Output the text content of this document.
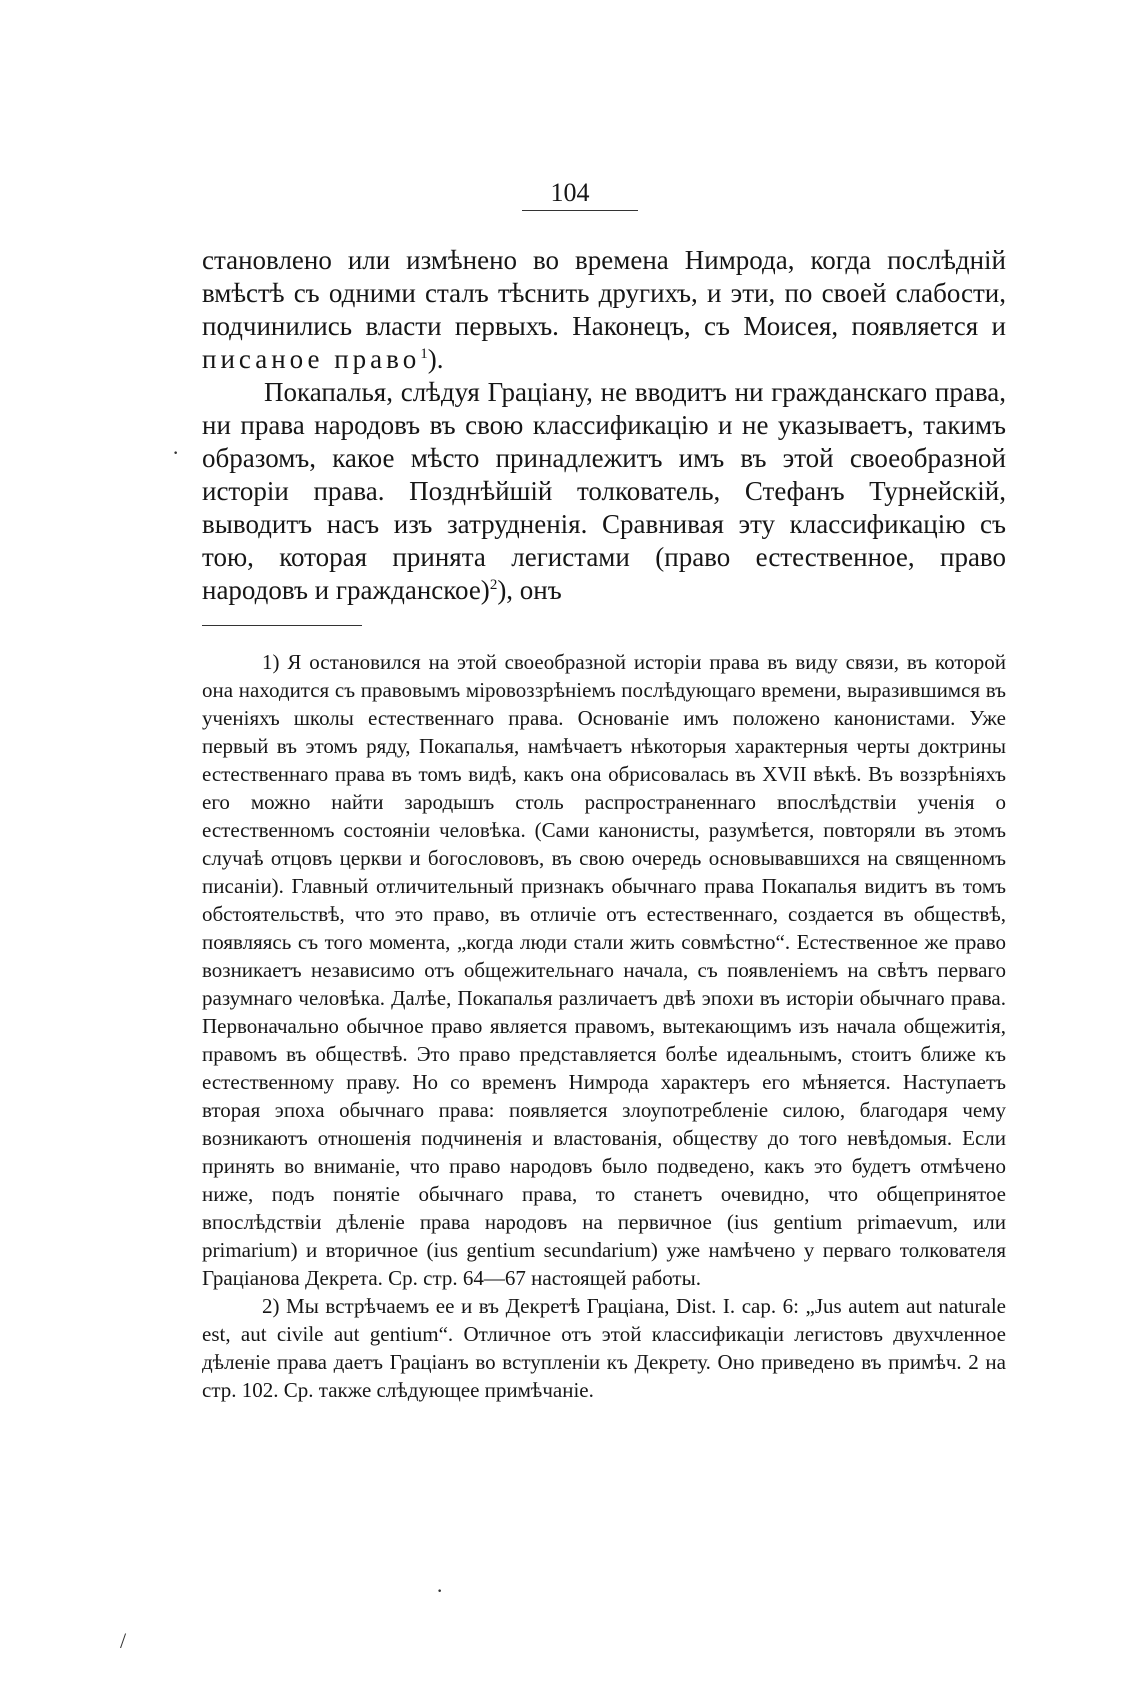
104

становлено или измѣнено во времена Нимрода, когда послѣдній вмѣстѣ съ одними сталъ тѣснить другихъ, и эти, по своей слабости, подчинились власти первыхъ. Наконецъ, съ Моисея, появляется и писаное право$^1$).

Покапалья, слѣдуя Граціану, не вводитъ ни гражданскаго права, ни права народовъ въ свою классификацію и не указываетъ, такимъ образомъ, какое мѣсто принадлежитъ имъ въ этой своеобразной исторіи права. Позднѣйшій толкователь, Стефанъ Турнейскій, выводитъ насъ изъ затрудненія. Сравнивая эту классификацію съ тою, которая принята легистами (право естественное, право народовъ и гражданское)$^2$), онъ

1) Я остановился на этой своеобразной исторіи права въ виду связи, въ которой она находится съ правовымъ міровоззрѣніемъ послѣдующаго времени, выразившимся въ ученіяхъ школы естественнаго права. Основаніе имъ положено канонистами. Уже первый въ этомъ ряду, Покапалья, намѣчаетъ нѣкоторыя характерныя черты доктрины естественнаго права въ томъ видѣ, какъ она обрисовалась въ XVII вѣкѣ. Въ воззрѣніяхъ его можно найти зародышъ столь распространеннаго впослѣдствіи ученія о естественномъ состояніи человѣка. (Сами канонисты, разумѣется, повторяли въ этомъ случаѣ отцовъ церкви и богослововъ, въ свою очередь основывавшихся на священномъ писаніи). Главный отличительный признакъ обычнаго права Покапалья видитъ въ томъ обстоятельствѣ, что это право, въ отличіе отъ естественнаго, создается въ обществѣ, появляясь съ того момента, „когда люди стали жить совмѣстно“. Естественное же право возникаетъ независимо отъ общежительнаго начала, съ появленіемъ на свѣтъ перваго разумнаго человѣка. Далѣе, Покапалья различаетъ двѣ эпохи въ исторіи обычнаго права. Первоначально обычное право является правомъ, вытекающимъ изъ начала общежитія, правомъ въ обществѣ. Это право представляется болѣе идеальнымъ, стоитъ ближе къ естественному праву. Но со временъ Нимрода характеръ его мѣняется. Наступаетъ вторая эпоха обычнаго права: появляется злоупотребленіе силою, благодаря чему возникаютъ отношенія подчиненія и властованія, обществу до того невѣдомыя. Если принять во вниманіе, что право народовъ было подведено, какъ это будетъ отмѣчено ниже, подъ понятіе обычнаго права, то станетъ очевидно, что общепринятое впослѣдствіи дѣленіе права народовъ на первичное (ius gentium primaevum, или primarium) и вторичное (ius gentium secundarium) уже намѣчено у перваго толкователя Граціанова Декрета. Ср. стр. 64—67 настоящей работы.

2) Мы встрѣчаемъ ее и въ Декретѣ Граціана, Dist. I. cap. 6: „Jus autem aut naturale est, aut civile aut gentium“. Отличное отъ этой классификаціи легистовъ двухчленное дѣленіе права даетъ Граціанъ во вступленіи къ Декрету. Оно приведено въ примѣч. 2 на стр. 102. Ср. также слѣдующее примѣчаніе.

·
/
·
